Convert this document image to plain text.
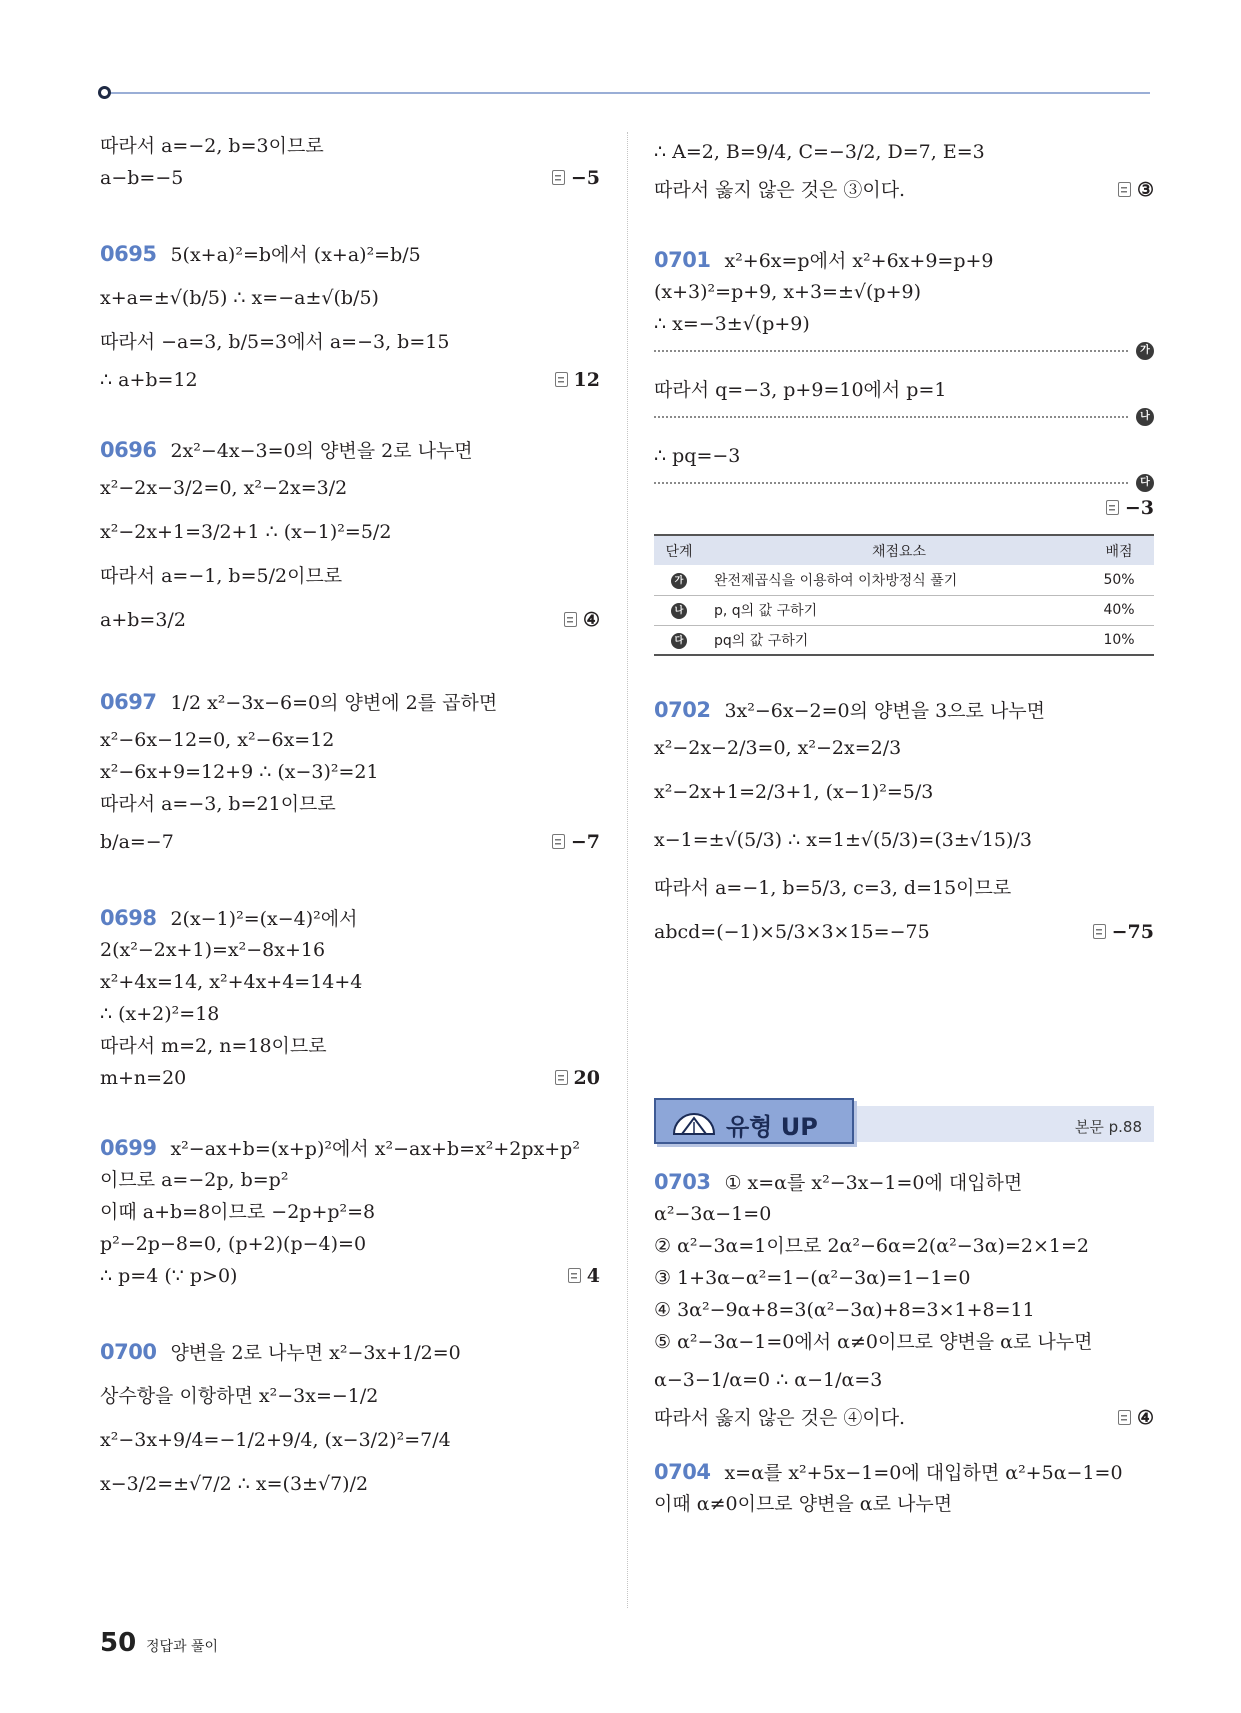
따라서 a=−2, b=3이므로
a−b=−5	−5
0695 5(x+a)²=b에서 (x+a)²=b/5
x+a=±√(b/5) ∴ x=−a±√(b/5)
따라서 −a=3, b/5=3에서 a=−3, b=15
∴ a+b=12	12
0696 2x²−4x−3=0의 양변을 2로 나누면
x²−2x−3/2=0, x²−2x=3/2
x²−2x+1=3/2+1 ∴ (x−1)²=5/2
따라서 a=−1, b=5/2이므로
a+b=3/2	④
0697 1/2 x²−3x−6=0의 양변에 2를 곱하면
x²−6x−12=0, x²−6x=12
x²−6x+9=12+9 ∴ (x−3)²=21
따라서 a=−3, b=21이므로
b/a=−7	−7
0698 2(x−1)²=(x−4)²에서
2(x²−2x+1)=x²−8x+16
x²+4x=14, x²+4x+4=14+4
∴ (x+2)²=18
따라서 m=2, n=18이므로
m+n=20	20
0699 x²−ax+b=(x+p)²에서 x²−ax+b=x²+2px+p²
이므로 a=−2p, b=p²
이때 a+b=8이므로 −2p+p²=8
p²−2p−8=0, (p+2)(p−4)=0
∴ p=4 (∵ p>0)	4
0700 양변을 2로 나누면 x²−3x+1/2=0
상수항을 이항하면 x²−3x=−1/2
x²−3x+9/4=−1/2+9/4, (x−3/2)²=7/4
x−3/2=±√7/2 ∴ x=(3±√7)/2
∴ A=2, B=9/4, C=−3/2, D=7, E=3
따라서 옳지 않은 것은 ③이다.	③
0701 x²+6x=p에서 x²+6x+9=p+9
(x+3)²=p+9, x+3=±√(p+9)
∴ x=−3±√(p+9)
가
따라서 q=−3, p+9=10에서 p=1
나
∴ pq=−3
다
−3
단계	채점요소	배점
가	완전제곱식을 이용하여 이차방정식 풀기	50%
나	p, q의 값 구하기	40%
다	pq의 값 구하기	10%
0702 3x²−6x−2=0의 양변을 3으로 나누면
x²−2x−2/3=0, x²−2x=2/3
x²−2x+1=2/3+1, (x−1)²=5/3
x−1=±√(5/3) ∴ x=1±√(5/3)=(3±√15)/3
따라서 a=−1, b=5/3, c=3, d=15이므로
abcd=(−1)×5/3×3×15=−75	−75
유형 UP	본문 p.88
0703 ① x=α를 x²−3x−1=0에 대입하면
α²−3α−1=0
② α²−3α=1이므로 2α²−6α=2(α²−3α)=2×1=2
③ 1+3α−α²=1−(α²−3α)=1−1=0
④ 3α²−9α+8=3(α²−3α)+8=3×1+8=11
⑤ α²−3α−1=0에서 α≠0이므로 양변을 α로 나누면
α−3−1/α=0 ∴ α−1/α=3
따라서 옳지 않은 것은 ④이다.	④
0704 x=α를 x²+5x−1=0에 대입하면 α²+5α−1=0
이때 α≠0이므로 양변을 α로 나누면
50 정답과 풀이
